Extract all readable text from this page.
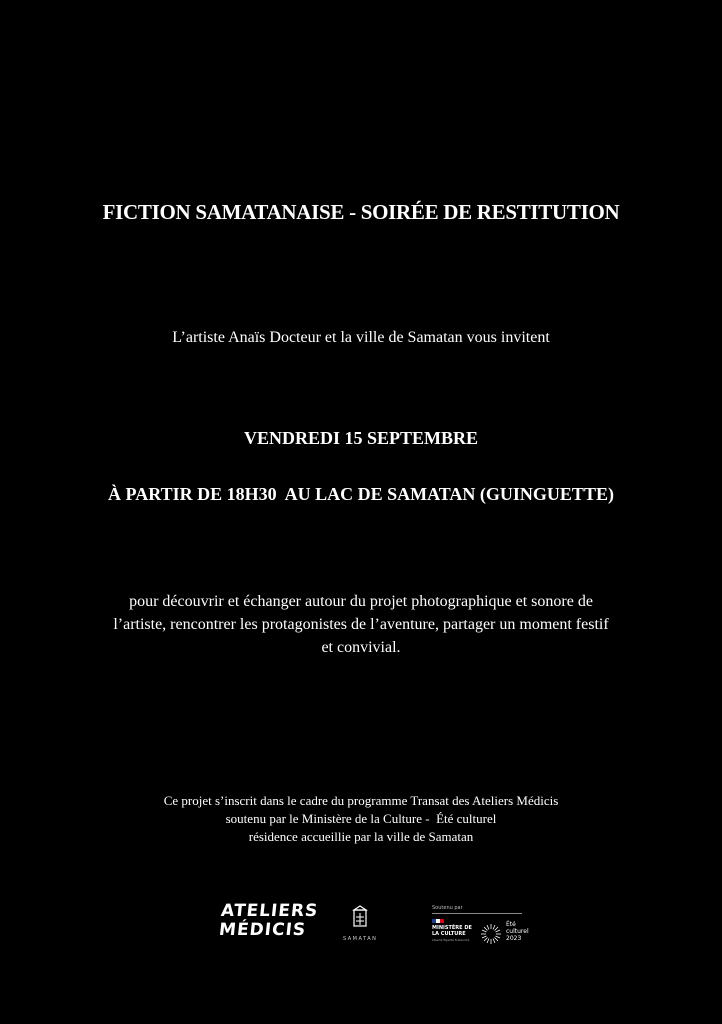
FICTION SAMATANAISE - SOIRÉE DE RESTITUTION
L’artiste Anaïs Docteur et la ville de Samatan vous invitent
VENDREDI 15 SEPTEMBRE
À PARTIR DE 18H30  AU LAC DE SAMATAN (GUINGUETTE)
pour découvrir et échanger autour du projet photographique et sonore de
l’artiste, rencontrer les protagonistes de l’aventure, partager un moment festif
et convivial.
Ce projet s’inscrit dans le cadre du programme Transat des Ateliers Médicis
soutenu par le Ministère de la Culture -  Été culturel
résidence accueillie par la ville de Samatan
ATELIERS
MÉDICIS	SAMATAN
Soutenu par
MINISTÈRE DE LA CULTURE
Liberté Égalité Fraternité
Été
culturel
2023
